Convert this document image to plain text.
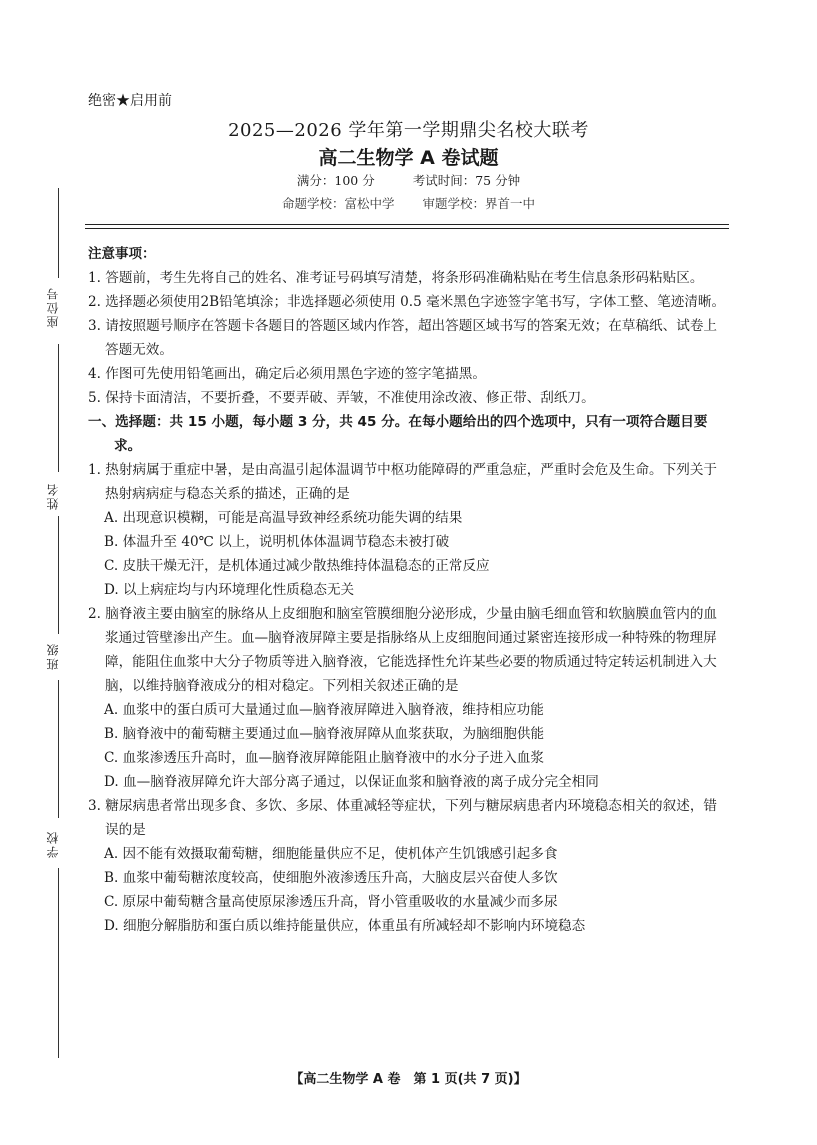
绝密★启用前
2025—2026 学年第一学期鼎尖名校大联考
高二生物学 A 卷试题
满分：100 分	考试时间：75 分钟
命题学校：富松中学 审题学校：界首一中
座位号
姓名
班级
学校
注意事项：
1. 答题前，考生先将自己的姓名、准考证号码填写清楚，将条形码准确粘贴在考生信息条形码粘贴区。
2. 选择题必须使用2B铅笔填涂；非选择题必须使用 0.5 毫米黑色字迹签字笔书写，字体工整、笔迹清晰。
3. 请按照题号顺序在答题卡各题目的答题区域内作答，超出答题区域书写的答案无效；在草稿纸、试卷上答题无效。
4. 作图可先使用铅笔画出，确定后必须用黑色字迹的签字笔描黑。
5. 保持卡面清洁，不要折叠，不要弄破、弄皱，不准使用涂改液、修正带、刮纸刀。
一、选择题：共 15 小题，每小题 3 分，共 45 分。在每小题给出的四个选项中，只有一项符合题目要求。
1. 热射病属于重症中暑，是由高温引起体温调节中枢功能障碍的严重急症，严重时会危及生命。下列关于热射病病症与稳态关系的描述，正确的是
A. 出现意识模糊，可能是高温导致神经系统功能失调的结果
B. 体温升至 40℃ 以上，说明机体体温调节稳态未被打破
C. 皮肤干燥无汗，是机体通过减少散热维持体温稳态的正常反应
D. 以上病症均与内环境理化性质稳态无关
2. 脑脊液主要由脑室的脉络从上皮细胞和脑室管膜细胞分泌形成，少量由脑毛细血管和软脑膜血管内的血浆通过管壁渗出产生。血—脑脊液屏障主要是指脉络从上皮细胞间通过紧密连接形成一种特殊的物理屏障，能阻住血浆中大分子物质等进入脑脊液，它能选择性允许某些必要的物质通过特定转运机制进入大脑，以维持脑脊液成分的相对稳定。下列相关叙述正确的是
A. 血浆中的蛋白质可大量通过血—脑脊液屏障进入脑脊液，维持相应功能
B. 脑脊液中的葡萄糖主要通过血—脑脊液屏障从血浆获取，为脑细胞供能
C. 血浆渗透压升高时，血—脑脊液屏障能阻止脑脊液中的水分子进入血浆
D. 血—脑脊液屏障允许大部分离子通过，以保证血浆和脑脊液的离子成分完全相同
3. 糖尿病患者常出现多食、多饮、多尿、体重减轻等症状，下列与糖尿病患者内环境稳态相关的叙述，错误的是
A. 因不能有效摄取葡萄糖，细胞能量供应不足，使机体产生饥饿感引起多食
B. 血浆中葡萄糖浓度较高，使细胞外液渗透压升高，大脑皮层兴奋使人多饮
C. 原尿中葡萄糖含量高使原尿渗透压升高，肾小管重吸收的水量减少而多尿
D. 细胞分解脂肪和蛋白质以维持能量供应，体重虽有所减轻却不影响内环境稳态
【高二生物学 A 卷　第 1 页(共 7 页)】
